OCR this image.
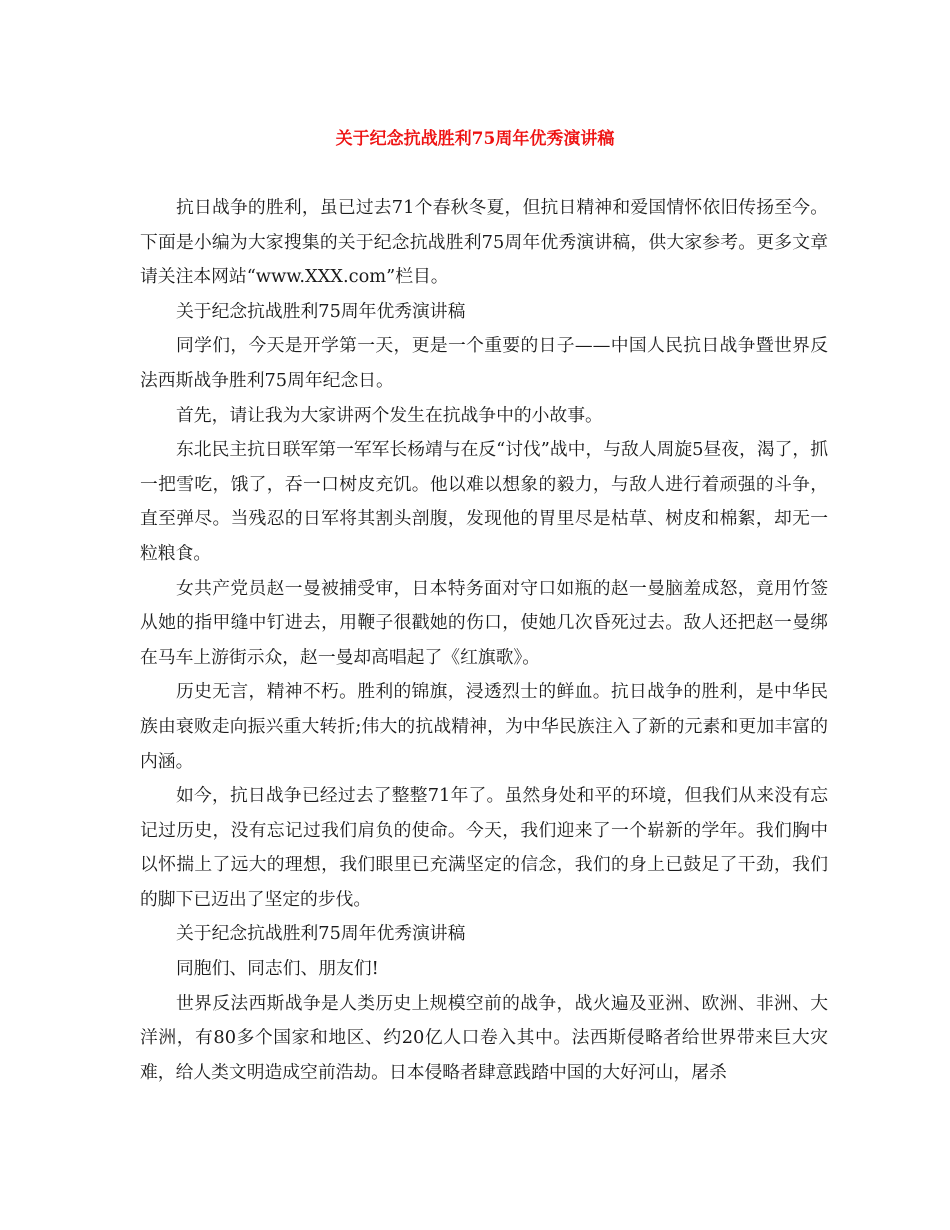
关于纪念抗战胜利75周年优秀演讲稿

抗日战争的胜利，虽已过去71个春秋冬夏，但抗日精神和爱国情怀依旧传扬至今。下面是小编为大家搜集的关于纪念抗战胜利75周年优秀演讲稿，供大家参考。更多文章请关注本网站“www.XXX.com”栏目。

关于纪念抗战胜利75周年优秀演讲稿

同学们，今天是开学第一天，更是一个重要的日子——中国人民抗日战争暨世界反法西斯战争胜利75周年纪念日。

首先，请让我为大家讲两个发生在抗战争中的小故事。

东北民主抗日联军第一军军长杨靖与在反“讨伐”战中，与敌人周旋5昼夜，渴了，抓一把雪吃，饿了，吞一口树皮充饥。他以难以想象的毅力，与敌人进行着顽强的斗争，直至弹尽。当残忍的日军将其割头剖腹，发现他的胃里尽是枯草、树皮和棉絮，却无一粒粮食。

女共产党员赵一曼被捕受审，日本特务面对守口如瓶的赵一曼脑羞成怒，竟用竹签从她的指甲缝中钉进去，用鞭子很戳她的伤口，使她几次昏死过去。敌人还把赵一曼绑在马车上游街示众，赵一曼却高唱起了《红旗歌》。

历史无言，精神不朽。胜利的锦旗，浸透烈士的鲜血。抗日战争的胜利，是中华民族由衰败走向振兴重大转折;伟大的抗战精神，为中华民族注入了新的元素和更加丰富的内涵。

如今，抗日战争已经过去了整整71年了。虽然身处和平的环境，但我们从来没有忘记过历史，没有忘记过我们肩负的使命。今天，我们迎来了一个崭新的学年。我们胸中以怀揣上了远大的理想，我们眼里已充满坚定的信念，我们的身上已鼓足了干劲，我们的脚下已迈出了坚定的步伐。

关于纪念抗战胜利75周年优秀演讲稿

同胞们、同志们、朋友们!

世界反法西斯战争是人类历史上规模空前的战争，战火遍及亚洲、欧洲、非洲、大洋洲，有80多个国家和地区、约20亿人口卷入其中。法西斯侵略者给世界带来巨大灾难，给人类文明造成空前浩劫。日本侵略者肆意践踏中国的大好河山，屠杀
